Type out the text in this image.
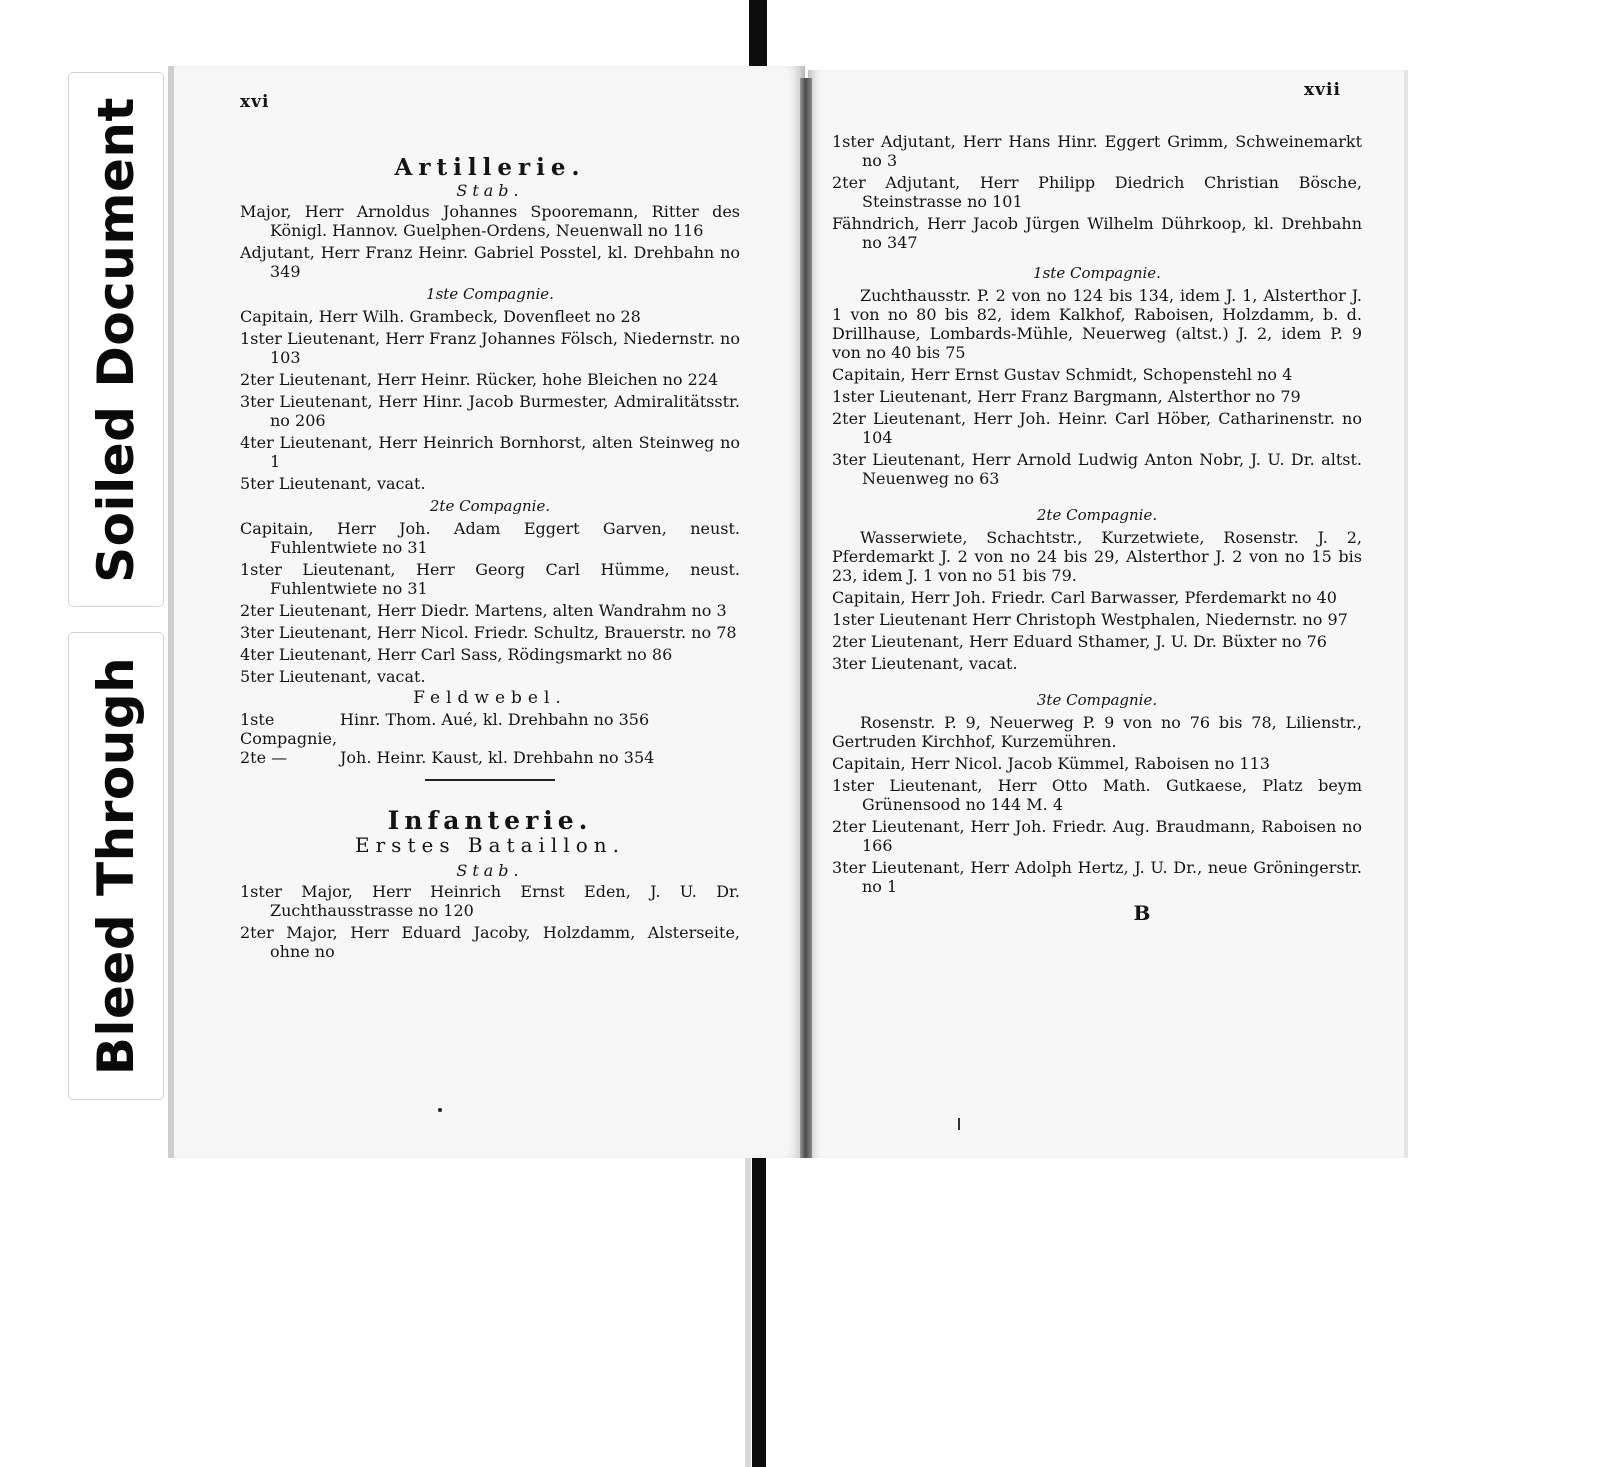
Soiled Document
Bleed Through
xvi
xvii
Artillerie.
Stab.
Major, Herr Arnoldus Johannes Spooremann, Ritter des Königl. Hannov. Guelphen-Ordens, Neuenwall no 116
Adjutant, Herr Franz Heinr. Gabriel Posstel, kl. Drehbahn no 349
1ste Compagnie.
Capitain, Herr Wilh. Grambeck, Dovenfleet no 28
1ster Lieutenant, Herr Franz Johannes Fölsch, Niedernstr. no 103
2ter Lieutenant, Herr Heinr. Rücker, hohe Bleichen no 224
3ter Lieutenant, Herr Hinr. Jacob Burmester, Admiralitätsstr. no 206
4ter Lieutenant, Herr Heinrich Bornhorst, alten Steinweg no 1
5ter Lieutenant, vacat.
2te Compagnie.
Capitain, Herr Joh. Adam Eggert Garven, neust. Fuhlentwiete no 31
1ster Lieutenant, Herr Georg Carl Hümme, neust. Fuhlentwiete no 31
2ter Lieutenant, Herr Diedr. Martens, alten Wandrahm no 3
3ter Lieutenant, Herr Nicol. Friedr. Schultz, Brauerstr. no 78
4ter Lieutenant, Herr Carl Sass, Rödingsmarkt no 86
5ter Lieutenant, vacat.
Feldwebel.
1ste Compagnie,
Hinr. Thom. Aué, kl. Drehbahn no 356
2te —	Joh. Heinr. Kaust, kl. Drehbahn no 354
Infanterie.
Erstes Bataillon.
Stab.
1ster Major, Herr Heinrich Ernst Eden, J. U. Dr. Zuchthausstrasse no 120
2ter Major, Herr Eduard Jacoby, Holzdamm, Alsterseite, ohne no
1ster Adjutant, Herr Hans Hinr. Eggert Grimm, Schweinemarkt no 3
2ter Adjutant, Herr Philipp Diedrich Christian Bösche, Steinstrasse no 101
Fähndrich, Herr Jacob Jürgen Wilhelm Dührkoop, kl. Drehbahn no 347
1ste Compagnie.
Zuchthausstr. P. 2 von no 124 bis 134, idem J. 1, Alsterthor J. 1 von no 80 bis 82, idem Kalkhof, Raboisen, Holzdamm, b. d. Drillhause, Lombards-Mühle, Neuerweg (altst.) J. 2, idem P. 9 von no 40 bis 75
Capitain, Herr Ernst Gustav Schmidt, Schopenstehl no 4
1ster Lieutenant, Herr Franz Bargmann, Alsterthor no 79
2ter Lieutenant, Herr Joh. Heinr. Carl Höber, Catharinenstr. no 104
3ter Lieutenant, Herr Arnold Ludwig Anton Nobr, J. U. Dr. altst. Neuenweg no 63
2te Compagnie.
Wasserwiete, Schachtstr., Kurzetwiete, Rosenstr. J. 2, Pferdemarkt J. 2 von no 24 bis 29, Alsterthor J. 2 von no 15 bis 23, idem J. 1 von no 51 bis 79.
Capitain, Herr Joh. Friedr. Carl Barwasser, Pferdemarkt no 40
1ster Lieutenant Herr Christoph Westphalen, Niedernstr. no 97
2ter Lieutenant, Herr Eduard Sthamer, J. U. Dr. Büxter no 76
3ter Lieutenant, vacat.
3te Compagnie.
Rosenstr. P. 9, Neuerweg P. 9 von no 76 bis 78, Lilienstr., Gertruden Kirchhof, Kurzemühren.
Capitain, Herr Nicol. Jacob Kümmel, Raboisen no 113
1ster Lieutenant, Herr Otto Math. Gutkaese, Platz beym Grünensood no 144 M. 4
2ter Lieutenant, Herr Joh. Friedr. Aug. Braudmann, Raboisen no 166
3ter Lieutenant, Herr Adolph Hertz, J. U. Dr., neue Gröningerstr. no 1
B
